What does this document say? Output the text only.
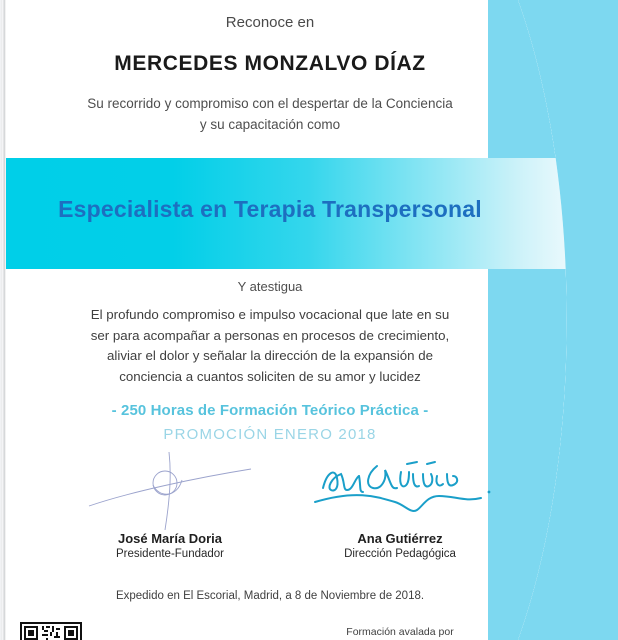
Reconoce en
MERCEDES MONZALVO DÍAZ
Su recorrido y compromiso con el despertar de la Conciencia
y su capacitación como
Especialista en Terapia Transpersonal
Y atestigua
El profundo compromiso e impulso vocacional que late en su
ser para acompañar a personas en procesos de crecimiento,
aliviar el dolor y señalar la dirección de la expansión de
conciencia a cuantos soliciten de su amor y lucidez
- 250 Horas de Formación Teórico Práctica -
PROMOCIÓN ENERO 2018
José María Doria
Presidente-Fundador
Ana Gutiérrez
Dirección Pedagógica
Expedido en El Escorial, Madrid, a 8 de Noviembre de 2018.
Formación avalada por
